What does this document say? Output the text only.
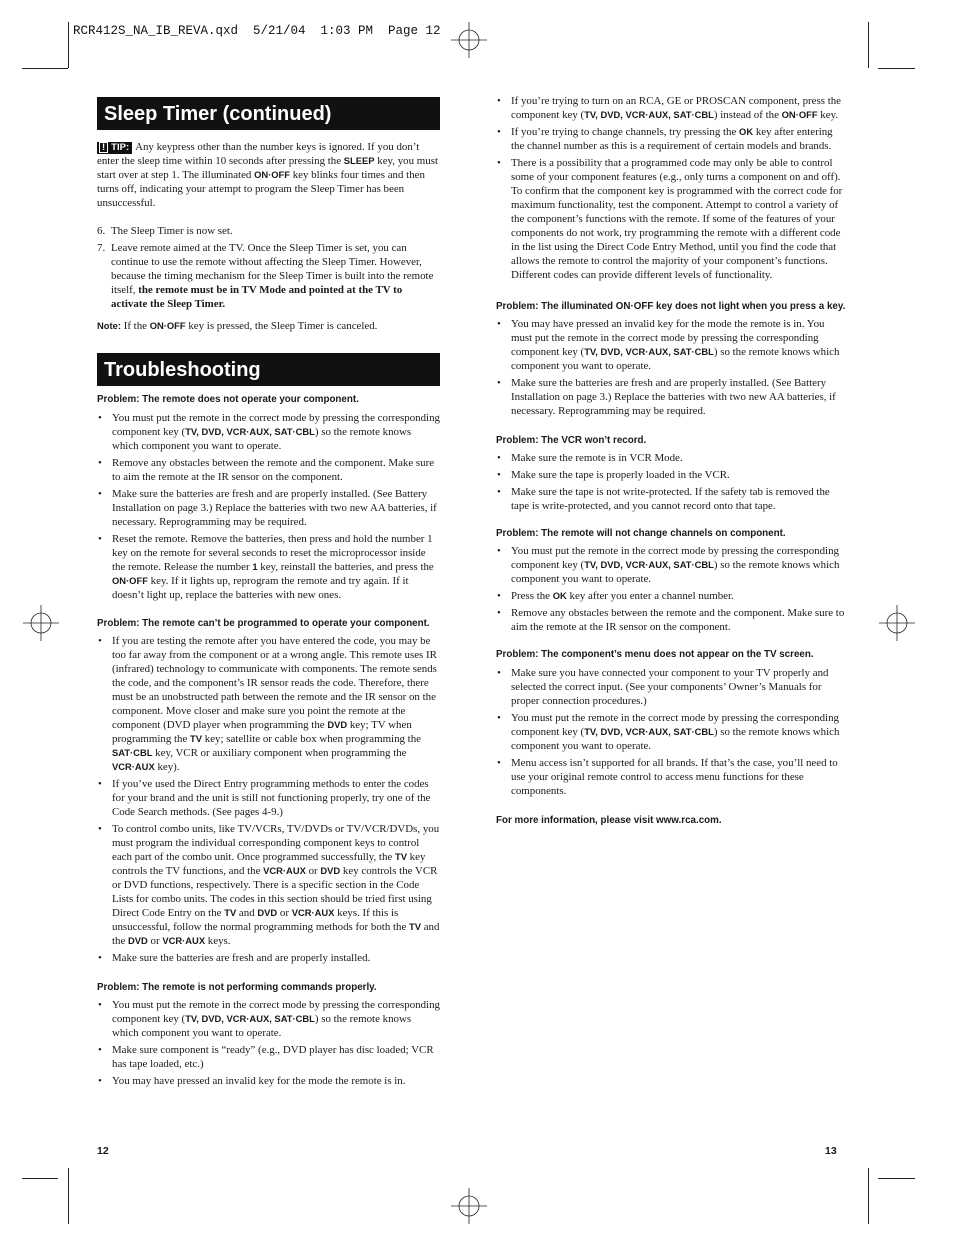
RCR412S_NA_IB_REVA.qxd  5/21/04  1:03 PM  Page 12
Sleep Timer (continued)

! TIP: Any keypress other than the number keys is ignored. If you don’t enter the sleep time within 10 seconds after pressing the SLEEP key, you must start over at step 1. The illuminated ON·OFF key blinks four times and then turns off, indicating your attempt to program the Sleep Timer has been unsuccessful.

6. The Sleep Timer is now set.
7. Leave remote aimed at the TV. Once the Sleep Timer is set, you can continue to use the remote without affecting the Sleep Timer. However, because the timing mechanism for the Sleep Timer is built into the remote itself, the remote must be in TV Mode and pointed at the TV to activate the Sleep Timer.

Note: If the ON·OFF key is pressed, the Sleep Timer is canceled.

Troubleshooting

Problem: The remote does not operate your component.

• You must put the remote in the correct mode by pressing the corresponding component key (TV, DVD, VCR·AUX, SAT·CBL) so the remote knows which component you want to operate.
• Remove any obstacles between the remote and the component. Make sure to aim the remote at the IR sensor on the component.
• Make sure the batteries are fresh and are properly installed. (See Battery Installation on page 3.) Replace the batteries with two new AA batteries, if necessary. Reprogramming may be required.
• Reset the remote. Remove the batteries, then press and hold the number 1 key on the remote for several seconds to reset the microprocessor inside the remote. Release the number 1 key, reinstall the batteries, and press the ON·OFF key. If it lights up, reprogram the remote and try again. If it doesn’t light up, replace the batteries with new ones.

Problem: The remote can’t be programmed to operate your component.

• If you are testing the remote after you have entered the code, you may be too far away from the component or at a wrong angle. This remote uses IR (infrared) technology to communicate with components. The remote sends the code, and the component’s IR sensor reads the code. Therefore, there must be an unobstructed path between the remote and the IR sensor on the component. Move closer and make sure you point the remote at the component (DVD player when programming the DVD key; TV when programming the TV key; satellite or cable box when programming the SAT·CBL key, VCR or auxiliary component when programming the VCR·AUX key).
• If you’ve used the Direct Entry programming methods to enter the codes for your brand and the unit is still not functioning properly, try one of the Code Search methods. (See pages 4-9.)
• To control combo units, like TV/VCRs, TV/DVDs or TV/VCR/DVDs, you must program the individual corresponding component keys to control each part of the combo unit. Once programmed successfully, the TV key controls the TV functions, and the VCR·AUX or DVD key controls the VCR or DVD functions, respectively. There is a specific section in the Code Lists for combo units. The codes in this section should be tried first using Direct Code Entry on the TV and DVD or VCR·AUX keys. If this is unsuccessful, follow the normal programming methods for both the TV and the DVD or VCR·AUX keys.
• Make sure the batteries are fresh and are properly installed.

Problem: The remote is not performing commands properly.

• You must put the remote in the correct mode by pressing the corresponding component key (TV, DVD, VCR·AUX, SAT·CBL) so the remote knows which component you want to operate.
• Make sure component is “ready” (e.g., DVD player has disc loaded; VCR has tape loaded, etc.)
• You may have pressed an invalid key for the mode the remote is in.
• If you’re trying to turn on an RCA, GE or PROSCAN component, press the component key (TV, DVD, VCR·AUX, SAT·CBL) instead of the ON·OFF key.
• If you’re trying to change channels, try pressing the OK key after entering the channel number as this is a requirement of certain models and brands.
• There is a possibility that a programmed code may only be able to control some of your component features (e.g., only turns a component on and off). To confirm that the component key is programmed with the correct code for maximum functionality, test the component. Attempt to control a variety of the component’s functions with the remote. If some of the features of your components do not work, try programming the remote with a different code in the list using the Direct Code Entry Method, until you find the code that allows the remote to control the majority of your component’s functions. Different codes can provide different levels of functionality.

Problem: The illuminated ON·OFF key does not light when you press a key.

• You may have pressed an invalid key for the mode the remote is in. You must put the remote in the correct mode by pressing the corresponding component key (TV, DVD, VCR·AUX, SAT·CBL) so the remote knows which component you want to operate.
• Make sure the batteries are fresh and are properly installed. (See Battery Installation on page 3.) Replace the batteries with two new AA batteries, if necessary. Reprogramming may be required.

Problem: The VCR won’t record.

• Make sure the remote is in VCR Mode.
• Make sure the tape is properly loaded in the VCR.
• Make sure the tape is not write-protected. If the safety tab is removed the tape is write-protected, and you cannot record onto that tape.

Problem: The remote will not change channels on component.

• You must put the remote in the correct mode by pressing the corresponding component key (TV, DVD, VCR·AUX, SAT·CBL) so the remote knows which component you want to operate.
• Press the OK key after you enter a channel number.
• Remove any obstacles between the remote and the component. Make sure to aim the remote at the IR sensor on the component.

Problem: The component’s menu does not appear on the TV screen.

• Make sure you have connected your component to your TV properly and selected the correct input. (See your components’ Owner’s Manuals for proper connection procedures.)
• You must put the remote in the correct mode by pressing the corresponding component key (TV, DVD, VCR·AUX, SAT·CBL) so the remote knows which component you want to operate.
• Menu access isn’t supported for all brands. If that’s the case, you’ll need to use your original remote control to access menu functions for these components.

For more information, please visit www.rca.com.

12	13
